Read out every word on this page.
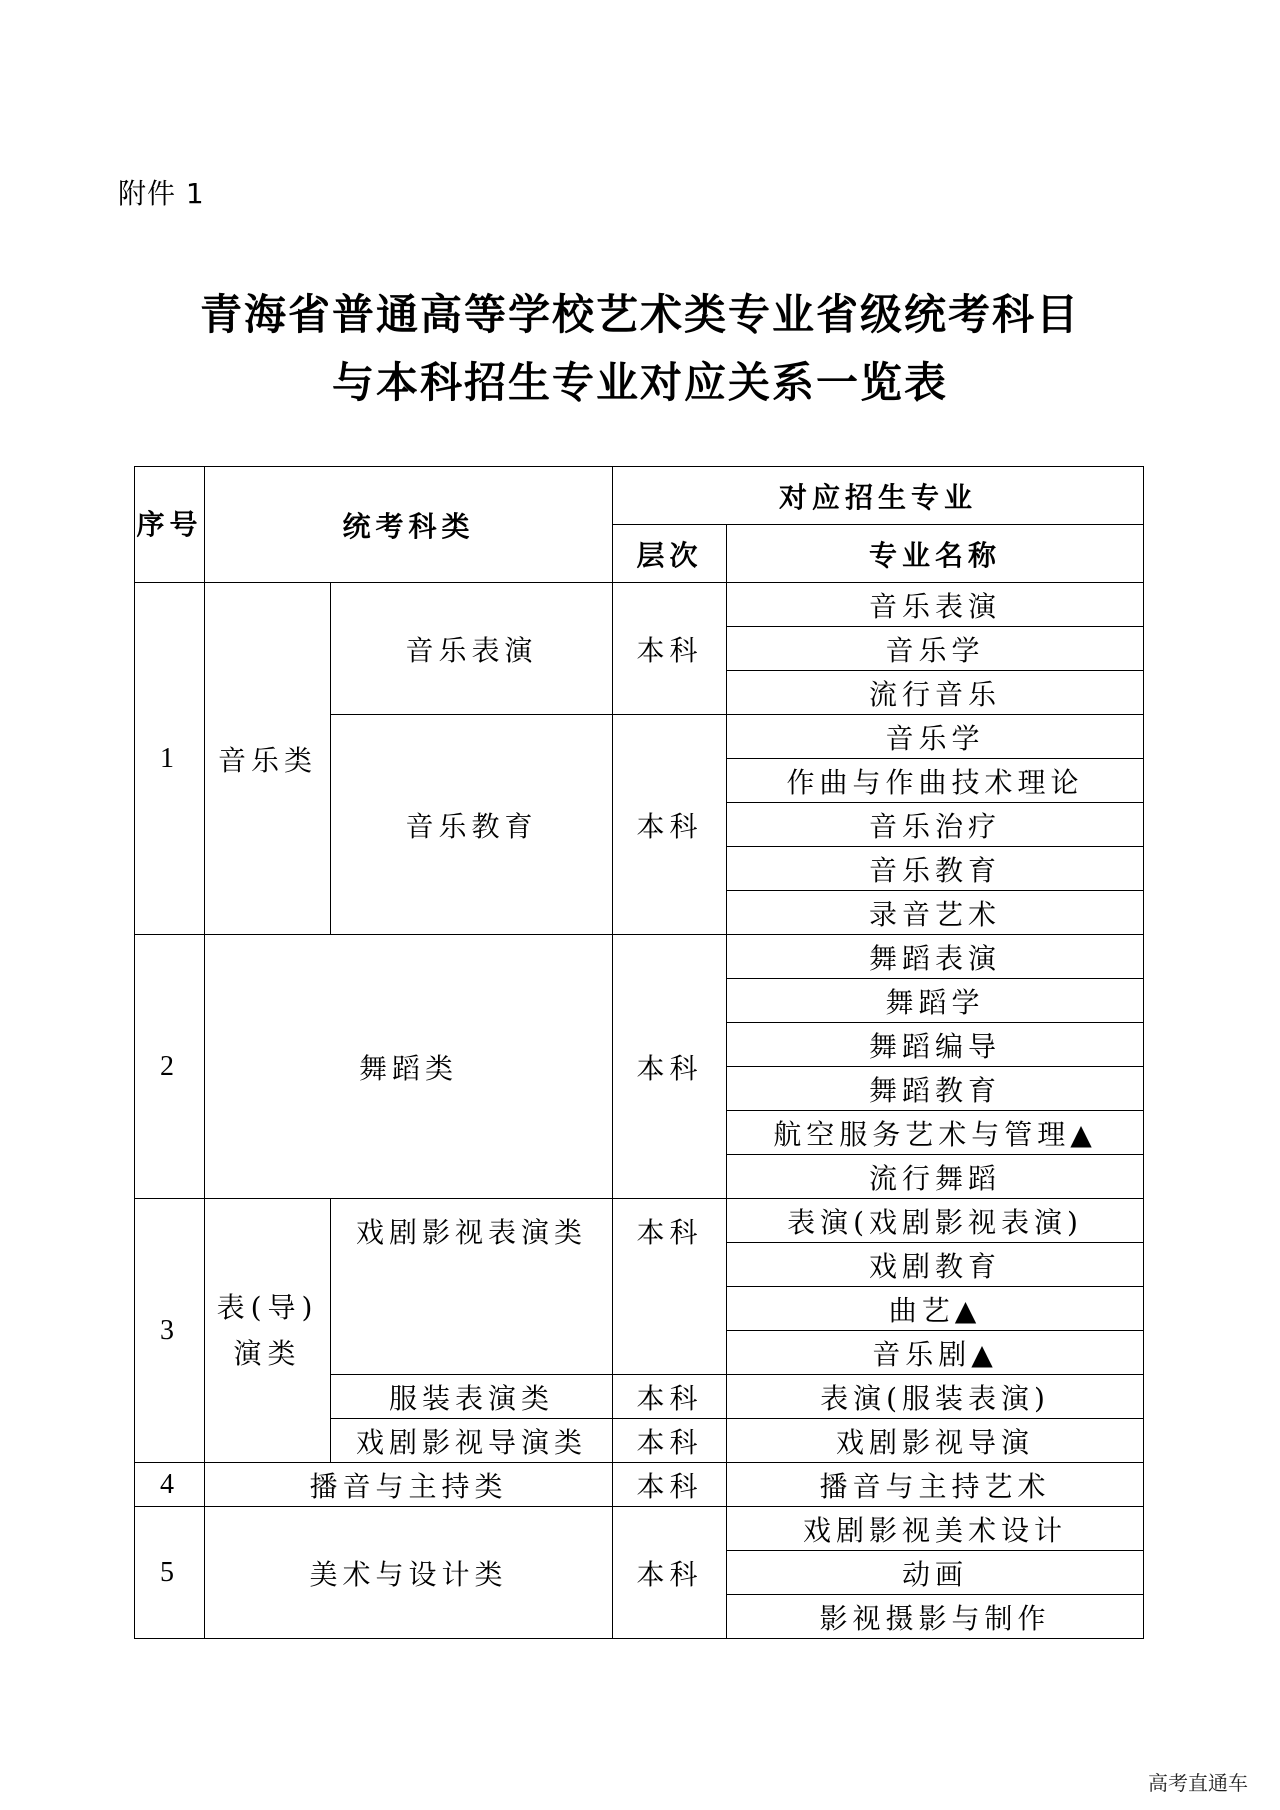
附件 1
青海省普通高等学校艺术类专业省级统考科目
与本科招生专业对应关系一览表
序号	统考科类		对应招生专业	
			层次	专业名称
1	音乐类	音乐表演	本科	音乐表演
				音乐学
				流行音乐
		音乐教育	本科	音乐学
				作曲与作曲技术理论
				音乐治疗
				音乐教育
				录音艺术
2	舞蹈类		本科	舞蹈表演
				舞蹈学
				舞蹈编导
				舞蹈教育
				航空服务艺术与管理▲
				流行舞蹈
3	表(导)演类	戏剧影视表演类	本科	表演(戏剧影视表演)
				戏剧教育
				曲艺▲
				音乐剧▲
		服装表演类	本科	表演(服装表演)
		戏剧影视导演类	本科	戏剧影视导演
4	播音与主持类		本科	播音与主持艺术
5	美术与设计类		本科	戏剧影视美术设计
				动画
				影视摄影与制作
高考直通车
